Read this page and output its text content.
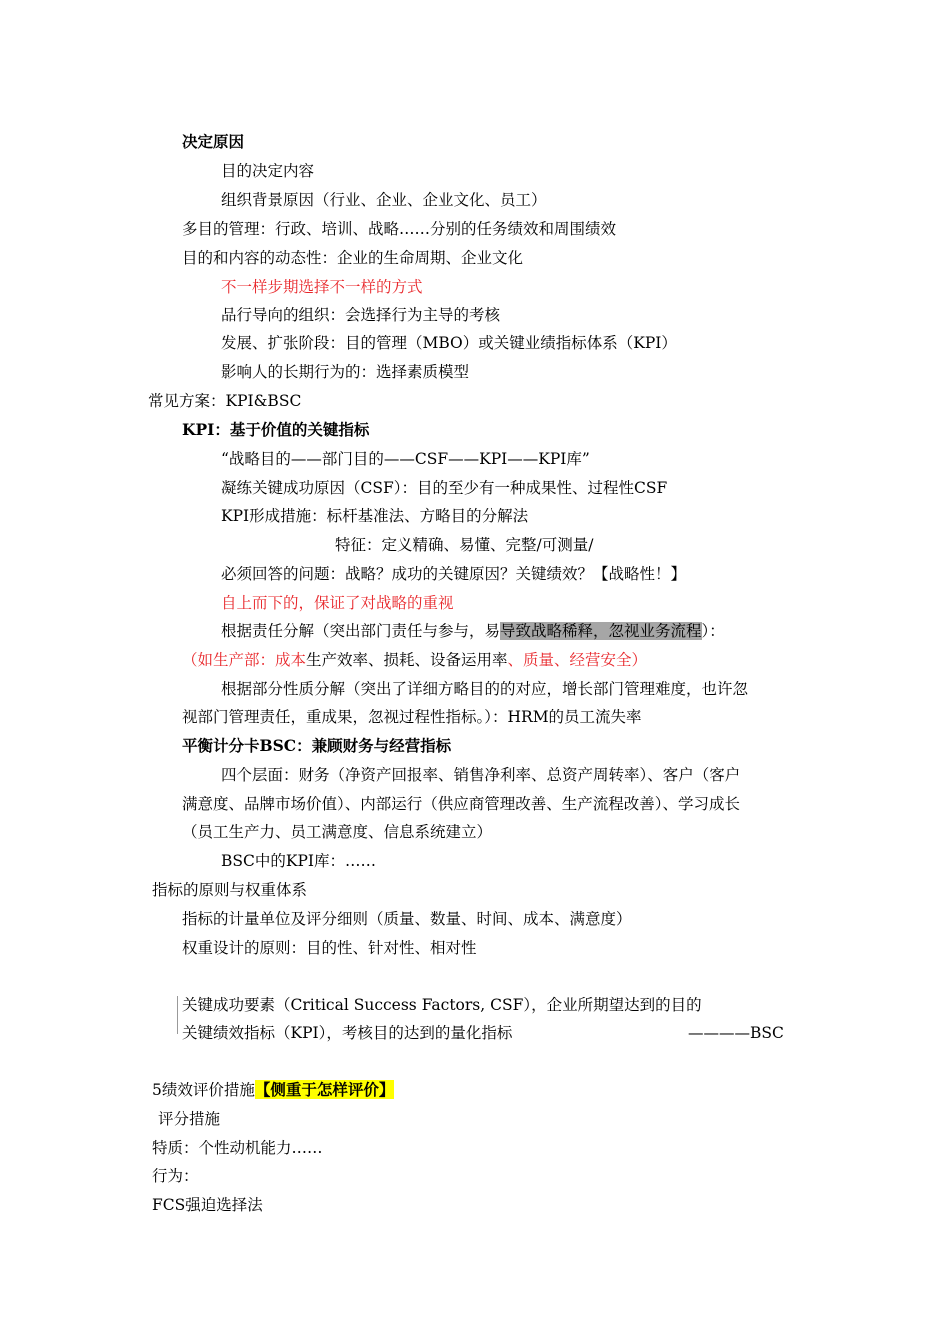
决定原因
目的决定内容
组织背景原因（行业、企业、企业文化、员工）
多目的管理：行政、培训、战略……分别的任务绩效和周围绩效
目的和内容的动态性：企业的生命周期、企业文化
不一样步期选择不一样的方式
品行导向的组织：会选择行为主导的考核
发展、扩张阶段：目的管理（MBO）或关键业绩指标体系（KPI）
影响人的长期行为的：选择素质模型
常见方案：KPI&BSC
KPI：基于价值的关键指标
“战略目的——部门目的——CSF——KPI——KPI库”
凝练关键成功原因（CSF）：目的至少有一种成果性、过程性CSF
KPI形成措施：标杆基准法、方略目的分解法
特征：定义精确、易懂、完整/可测量/
必须回答的问题：战略？成功的关键原因？关键绩效？【战略性！】
自上而下的，保证了对战略的重视
根据责任分解（突出部门责任与参与，易导致战略稀释，忽视业务流程）：
（如生产部：成本生产效率、损耗、设备运用率、质量、经营安全）
根据部分性质分解（突出了详细方略目的的对应，增长部门管理难度，也许忽
视部门管理责任，重成果，忽视过程性指标。）：HRM的员工流失率
平衡计分卡BSC：兼顾财务与经营指标
四个层面：财务（净资产回报率、销售净利率、总资产周转率）、客户（客户
满意度、品牌市场价值）、内部运行（供应商管理改善、生产流程改善）、学习成长
（员工生产力、员工满意度、信息系统建立）
BSC中的KPI库：……
指标的原则与权重体系
指标的计量单位及评分细则（质量、数量、时间、成本、满意度）
权重设计的原则：目的性、针对性、相对性
关键成功要素（Critical Success Factors, CSF），企业所期望达到的目的
关键绩效指标（KPI），考核目的达到的量化指标	————BSC
5绩效评价措施【侧重于怎样评价】
评分措施
特质：个性动机能力……
行为：
FCS强迫选择法
